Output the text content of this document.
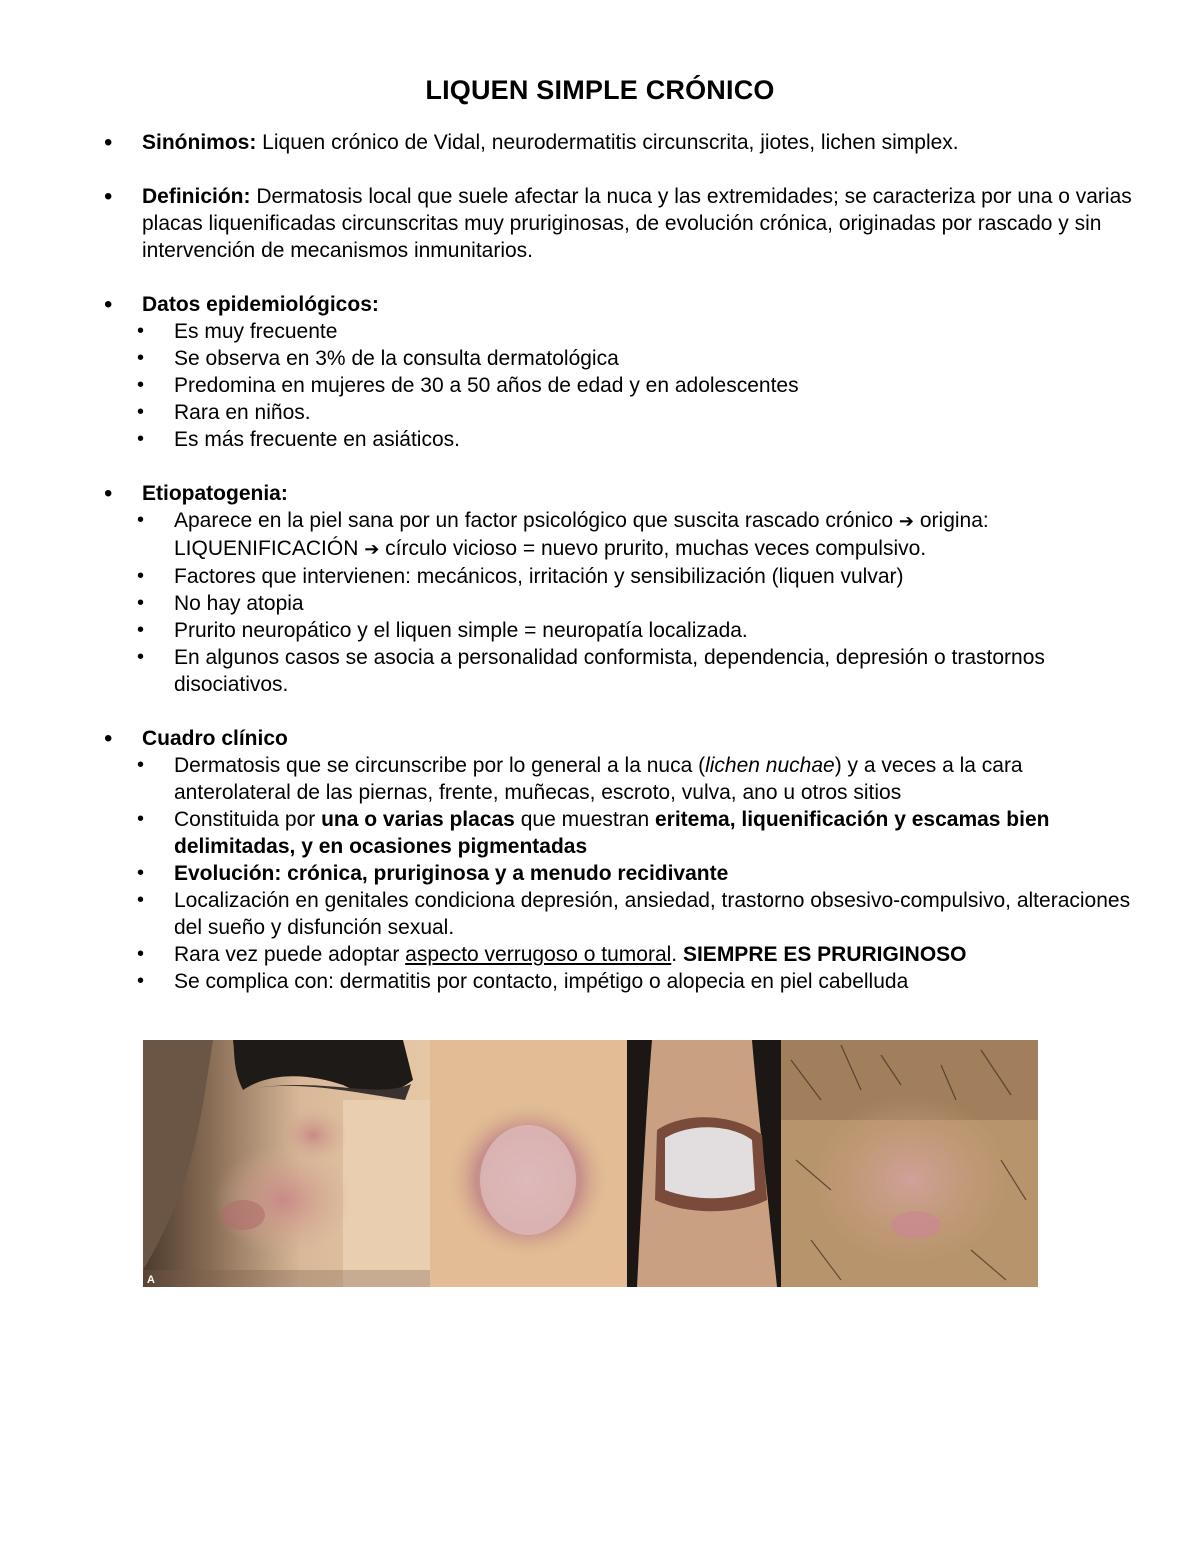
LIQUEN SIMPLE CRÓNICO
• Sinónimos: Liquen crónico de Vidal, neurodermatitis circunscrita, jiotes, lichen simplex.
• Definición: Dermatosis local que suele afectar la nuca y las extremidades; se caracteriza por una o varias placas liquenificadas circunscritas muy pruriginosas, de evolución crónica, originadas por rascado y sin intervención de mecanismos inmunitarios.
• Datos epidemiológicos:
• Es muy frecuente
• Se observa en 3% de la consulta dermatológica
• Predomina en mujeres de 30 a 50 años de edad y en adolescentes
• Rara en niños.
• Es más frecuente en asiáticos.
• Etiopatogenia:
• Aparece en la piel sana por un factor psicológico que suscita rascado crónico ➔ origina: LIQUENIFICACIÓN ➔ círculo vicioso = nuevo prurito, muchas veces compulsivo.
• Factores que intervienen: mecánicos, irritación y sensibilización (liquen vulvar)
• No hay atopia
• Prurito neuropático y el liquen simple = neuropatía localizada.
• En algunos casos se asocia a personalidad conformista, dependencia, depresión o trastornos disociativos.
• Cuadro clínico
• Dermatosis que se circunscribe por lo general a la nuca (lichen nuchae) y a veces a la cara anterolateral de las piernas, frente, muñecas, escroto, vulva, ano u otros sitios
• Constituida por una o varias placas que muestran eritema, liquenificación y escamas bien delimitadas, y en ocasiones pigmentadas
• Evolución: crónica, pruriginosa y a menudo recidivante
• Localización en genitales condiciona depresión, ansiedad, trastorno obsesivo-compulsivo, alteraciones del sueño y disfunción sexual.
• Rara vez puede adoptar aspecto verrugoso o tumoral. SIEMPRE ES PRURIGINOSO
• Se complica con: dermatitis por contacto, impétigo o alopecia en piel cabelluda
A
